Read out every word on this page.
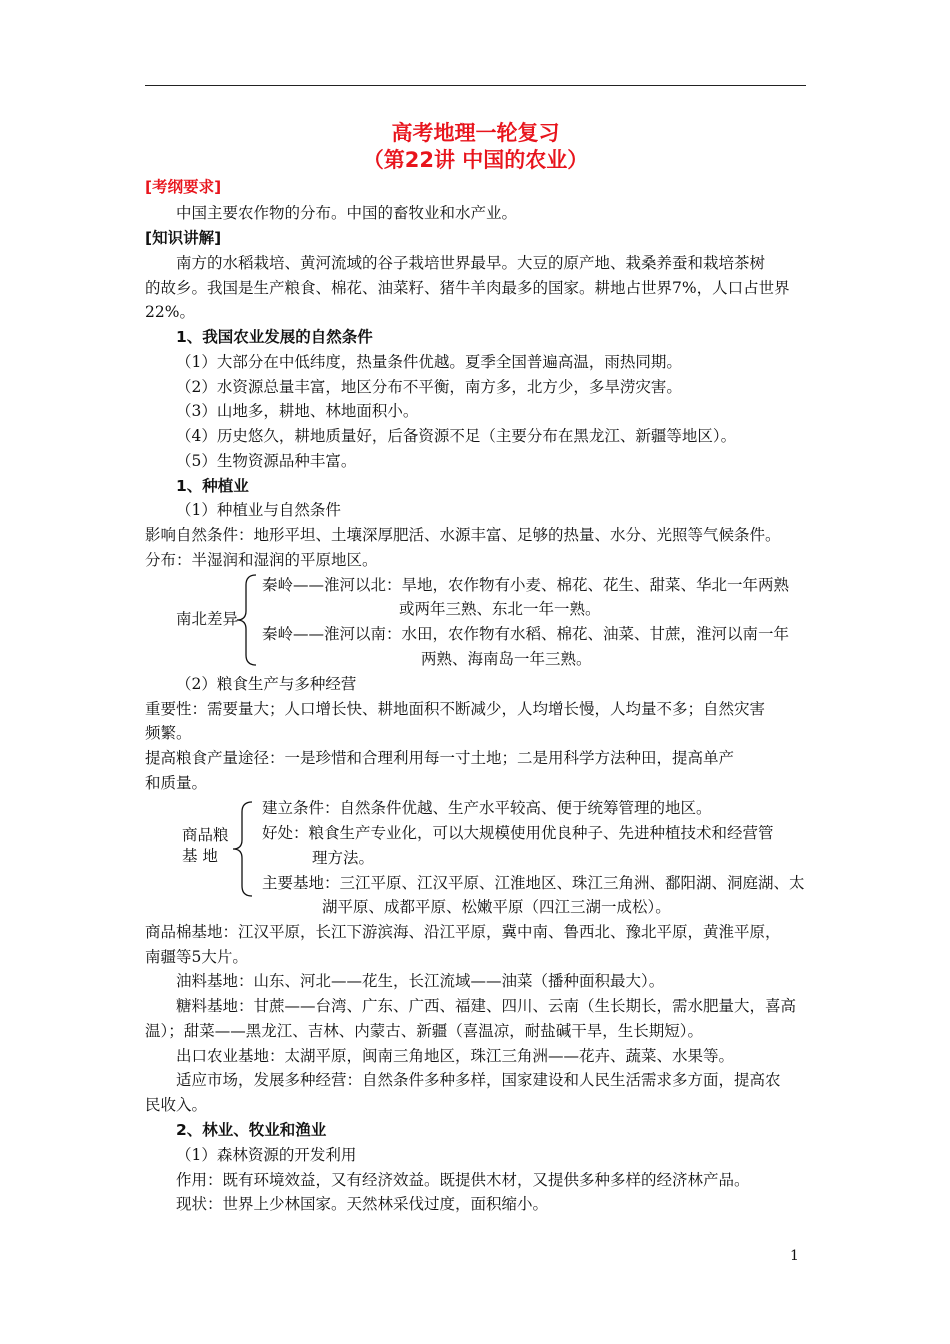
高考地理一轮复习
（第22讲 中国的农业）
[考纲要求]
中国主要农作物的分布。中国的畜牧业和水产业。
[知识讲解]
南方的水稻栽培、黄河流域的谷子栽培世界最早。大豆的原产地、栽桑养蚕和栽培茶树
的故乡。我国是生产粮食、棉花、油菜籽、猪牛羊肉最多的国家。耕地占世界7%，人口占世界
22%。
1、我国农业发展的自然条件
（1）大部分在中低纬度，热量条件优越。夏季全国普遍高温，雨热同期。
（2）水资源总量丰富，地区分布不平衡，南方多，北方少，多旱涝灾害。
（3）山地多，耕地、林地面积小。
（4）历史悠久，耕地质量好，后备资源不足（主要分布在黑龙江、新疆等地区）。
（5）生物资源品种丰富。
1、种植业
（1）种植业与自然条件
影响自然条件：地形平坦、土壤深厚肥活、水源丰富、足够的热量、水分、光照等气候条件。
分布：半湿润和湿润的平原地区。
南北差异
秦岭——淮河以北：旱地，农作物有小麦、棉花、花生、甜菜、华北一年两熟
或两年三熟、东北一年一熟。
秦岭——淮河以南：水田，农作物有水稻、棉花、油菜、甘蔗，淮河以南一年
两熟、海南岛一年三熟。
（2）粮食生产与多种经营
重要性：需要量大；人口增长快、耕地面积不断减少，人均增长慢，人均量不多；自然灾害
频繁。
提高粮食产量途径：一是珍惜和合理利用每一寸土地；二是用科学方法种田，提高单产
和质量。
商品粮
基 地
建立条件：自然条件优越、生产水平较高、便于统筹管理的地区。
好处：粮食生产专业化，可以大规模使用优良种子、先进种植技术和经营管
理方法。
主要基地：三江平原、江汉平原、江淮地区、珠江三角洲、鄱阳湖、洞庭湖、太
湖平原、成都平原、松嫩平原（四江三湖一成松）。
商品棉基地：江汉平原，长江下游滨海、沿江平原，冀中南、鲁西北、豫北平原，黄淮平原，
南疆等5大片。
油料基地：山东、河北——花生，长江流域——油菜（播种面积最大）。
糖料基地：甘蔗——台湾、广东、广西、福建、四川、云南（生长期长，需水肥量大，喜高
温）；甜菜——黑龙江、吉林、内蒙古、新疆（喜温凉，耐盐碱干旱，生长期短）。
出口农业基地：太湖平原，闽南三角地区，珠江三角洲——花卉、蔬菜、水果等。
适应市场，发展多种经营：自然条件多种多样，国家建设和人民生活需求多方面，提高农
民收入。
2、林业、牧业和渔业
（1）森林资源的开发利用
作用：既有环境效益，又有经济效益。既提供木材，又提供多种多样的经济林产品。
现状：世界上少林国家。天然林采伐过度，面积缩小。
1
